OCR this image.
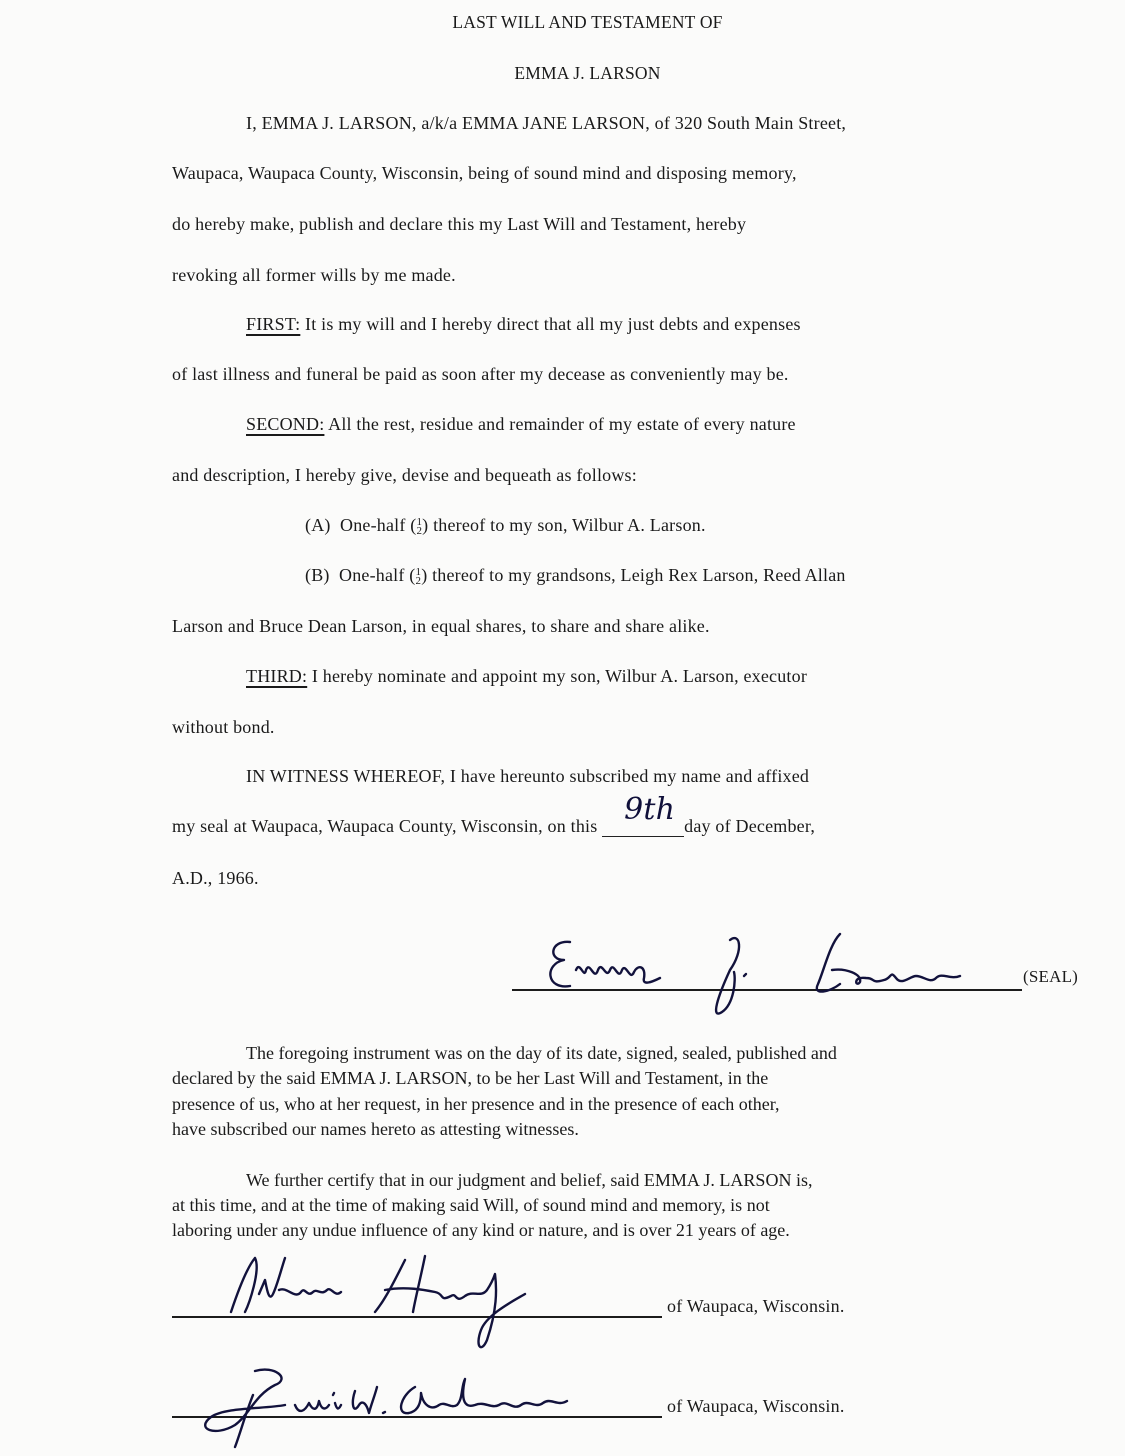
LAST WILL AND TESTAMENT OF
EMMA J. LARSON
I, EMMA J. LARSON, a/k/a EMMA JANE LARSON, of 320 South Main Street,
Waupaca, Waupaca County, Wisconsin, being of sound mind and disposing memory,
do hereby make, publish and declare this my Last Will and Testament, hereby
revoking all former wills by me made.
FIRST: It is my will and I hereby direct that all my just debts and expenses
of last illness and funeral be paid as soon after my decease as conveniently may be.
SECOND: All the rest, residue and remainder of my estate of every nature
and description, I hereby give, devise and bequeath as follows:
(A) One-half ( 1
2 ) thereof to my son, Wilbur A. Larson.
(B) One-half ( 1
2 ) thereof to my grandsons, Leigh Rex Larson, Reed Allan
Larson and Bruce Dean Larson, in equal shares, to share and share alike.
THIRD: I hereby nominate and appoint my son, Wilbur A. Larson, executor
without bond.
IN WITNESS WHEREOF, I have hereunto subscribed my name and affixed
my seal at Waupaca, Waupaca County, Wisconsin, on this 9th day of December,
A.D., 1966.
(SEAL)
The foregoing instrument was on the day of its date, signed, sealed, published and
declared by the said EMMA J. LARSON, to be her Last Will and Testament, in the
presence of us, who at her request, in her presence and in the presence of each other,
have subscribed our names hereto as attesting witnesses.
We further certify that in our judgment and belief, said EMMA J. LARSON is,
at this time, and at the time of making said Will, of sound mind and memory, is not
laboring under any undue influence of any kind or nature, and is over 21 years of age.
of Waupaca, Wisconsin.
of Waupaca, Wisconsin.
